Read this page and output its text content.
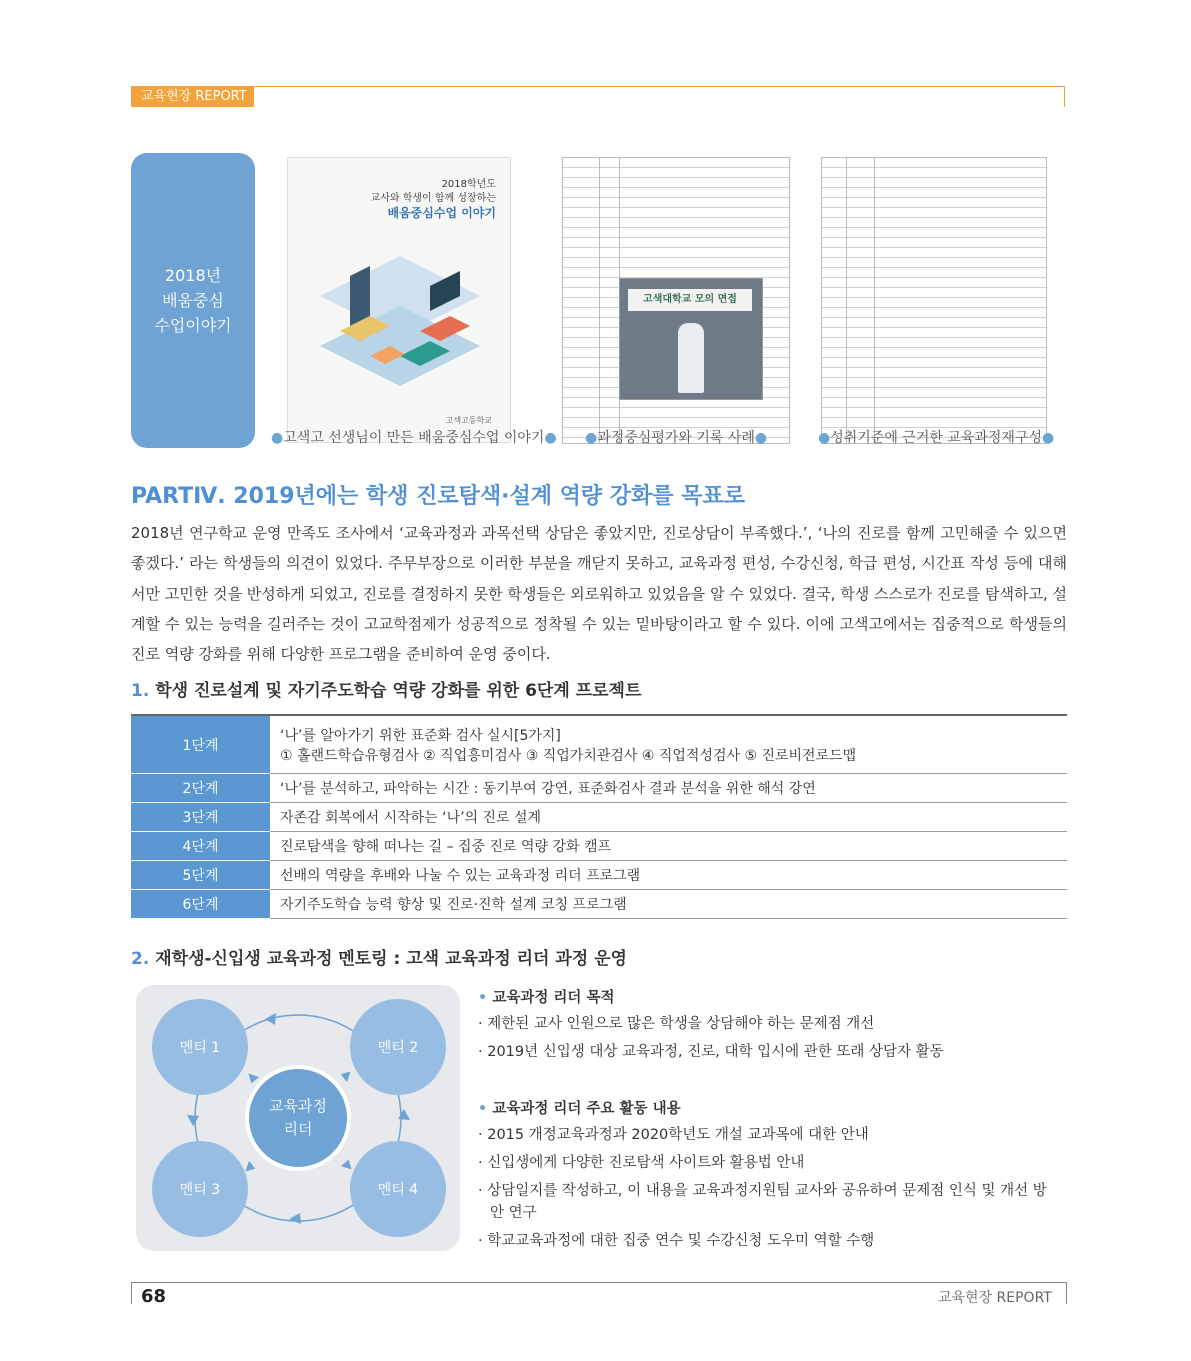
교육현장 REPORT
2018년
배움중심
수업이야기
2018학년도
교사와 학생이 함께 성장하는
배움중심수업 이야기
고색고등학교
고색대학교 모의 면접
●고색고 선생님이 만든 배움중심수업 이야기● ●과정중심평가와 기록 사례●	●성취기준에 근거한 교육과정재구성●
PARTⅣ. 2019년에는 학생 진로탐색·설계 역량 강화를 목표로
2018년 연구학교 운영 만족도 조사에서 ‘교육과정과 과목선택 상담은 좋았지만, 진로상담이 부족했다.’, ‘나의 진로를 함께 고민해줄 수 있으면 좋겠다.’ 라는 학생들의 의견이 있었다. 주무부장으로 이러한 부분을 깨닫지 못하고, 교육과정 편성, 수강신청, 학급 편성, 시간표 작성 등에 대해서만 고민한 것을 반성하게 되었고, 진로를 결정하지 못한 학생들은 외로워하고 있었음을 알 수 있었다. 결국, 학생 스스로가 진로를 탐색하고, 설계할 수 있는 능력을 길러주는 것이 고교학점제가 성공적으로 정착될 수 있는 밑바탕이라고 할 수 있다. 이에 고색고에서는 집중적으로 학생들의 진로 역량 강화를 위해 다양한 프로그램을 준비하여 운영 중이다.
1. 학생 진로설계 및 자기주도학습 역량 강화를 위한 6단계 프로젝트
1단계
‘나’를 알아가기 위한 표준화 검사 실시[5가지]
① 홀랜드학습유형검사 ② 직업흥미검사 ③ 직업가치관검사 ④ 직업적성검사 ⑤ 진로비전로드맵
2단계	‘나’를 분석하고, 파악하는 시간 : 동기부여 강연, 표준화검사 결과 분석을 위한 해석 강연
3단계	자존감 회복에서 시작하는 ‘나’의 진로 설계
4단계	진로탐색을 향해 떠나는 길 – 집중 진로 역량 강화 캠프
5단계	선배의 역량을 후배와 나눌 수 있는 교육과정 리더 프로그램
6단계	자기주도학습 능력 향상 및 진로·진학 설계 코칭 프로그램
2. 재학생-신입생 교육과정 멘토링 : 고색 교육과정 리더 과정 운영
멘티 1	멘티 2
멘티 3	멘티 4
교육과정
리더
• 교육과정 리더 목적
· 제한된 교사 인원으로 많은 학생을 상담해야 하는 문제점 개선
· 2019년 신입생 대상 교육과정, 진로, 대학 입시에 관한 또래 상담자 활동
• 교육과정 리더 주요 활동 내용
· 2015 개정교육과정과 2020학년도 개설 교과목에 대한 안내
· 신입생에게 다양한 진로탐색 사이트와 활용법 안내
· 상담일지를 작성하고, 이 내용을 교육과정지원팀 교사와 공유하여 문제점 인식 및 개선 방안 연구
· 학교교육과정에 대한 집중 연수 및 수강신청 도우미 역할 수행
68	교육현장 REPORT
